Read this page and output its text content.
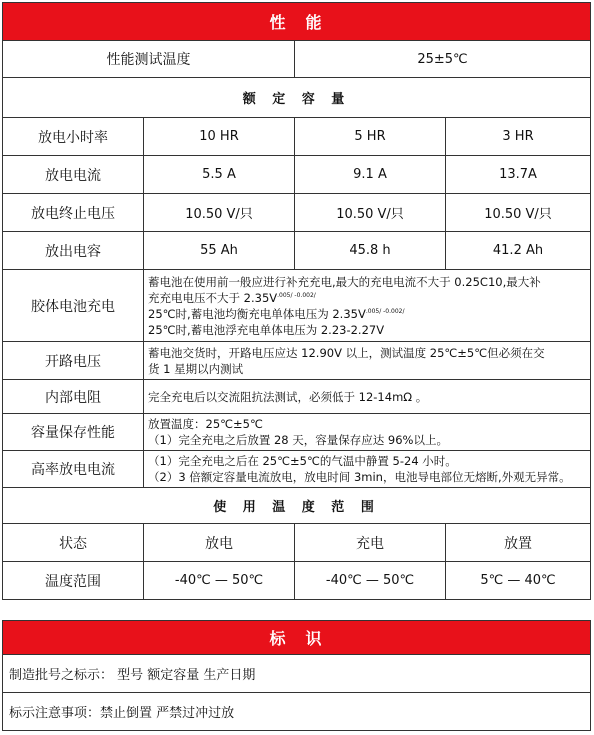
性　能			
性能测试温度		25±5℃	
额 定 容 量			
放电小时率	10 HR	5 HR	3 HR
放电电流	5.5 A	9.1 A	13.7A
放电终止电压	10.50 V/只	10.50 V/只	10.50 V/只
放出电容	55 Ah	45.8 h	41.2 Ah
胶体电池充电	蓄电池在使用前一般应进行补充充电,最大的充电电流不大于 0.25C10,最大补
充充电电压不大于 $2.35V^{.005/ -0.002/}$
25℃时,蓄电池均衡充电单体电压为 $2.35V^{.005/ -0.002/}$
25℃时,蓄电池浮充电单体电压为 2.23-2.27V		

开路电压	蓄电池交货时，开路电压应达 12.90V 以上，测试温度 25℃±5℃但必须在交
货 1 星期以内测试		

内部电阻	完全充电后以交流阻抗法测试，必须低于 12-14mΩ 。		

容量保存性能	放置温度：25℃±5℃
（1）完全充电之后放置 28 天，容量保存应达 96%以上。		

高率放电电流	（1）完全充电之后在 25℃±5℃的气温中静置 5-24 小时。
（2）3 倍额定容量电流放电，放电时间 3min，电池导电部位无熔断,外观无异常。		

使 用 温 度 范 围			
状态	放电	充电	放置
温度范围	-40℃ — 50℃	-40℃ — 50℃	5℃ — 40℃
标　识
制造批号之标示： 型号 额定容量 生产日期
标示注意事项：禁止倒置 严禁过冲过放
